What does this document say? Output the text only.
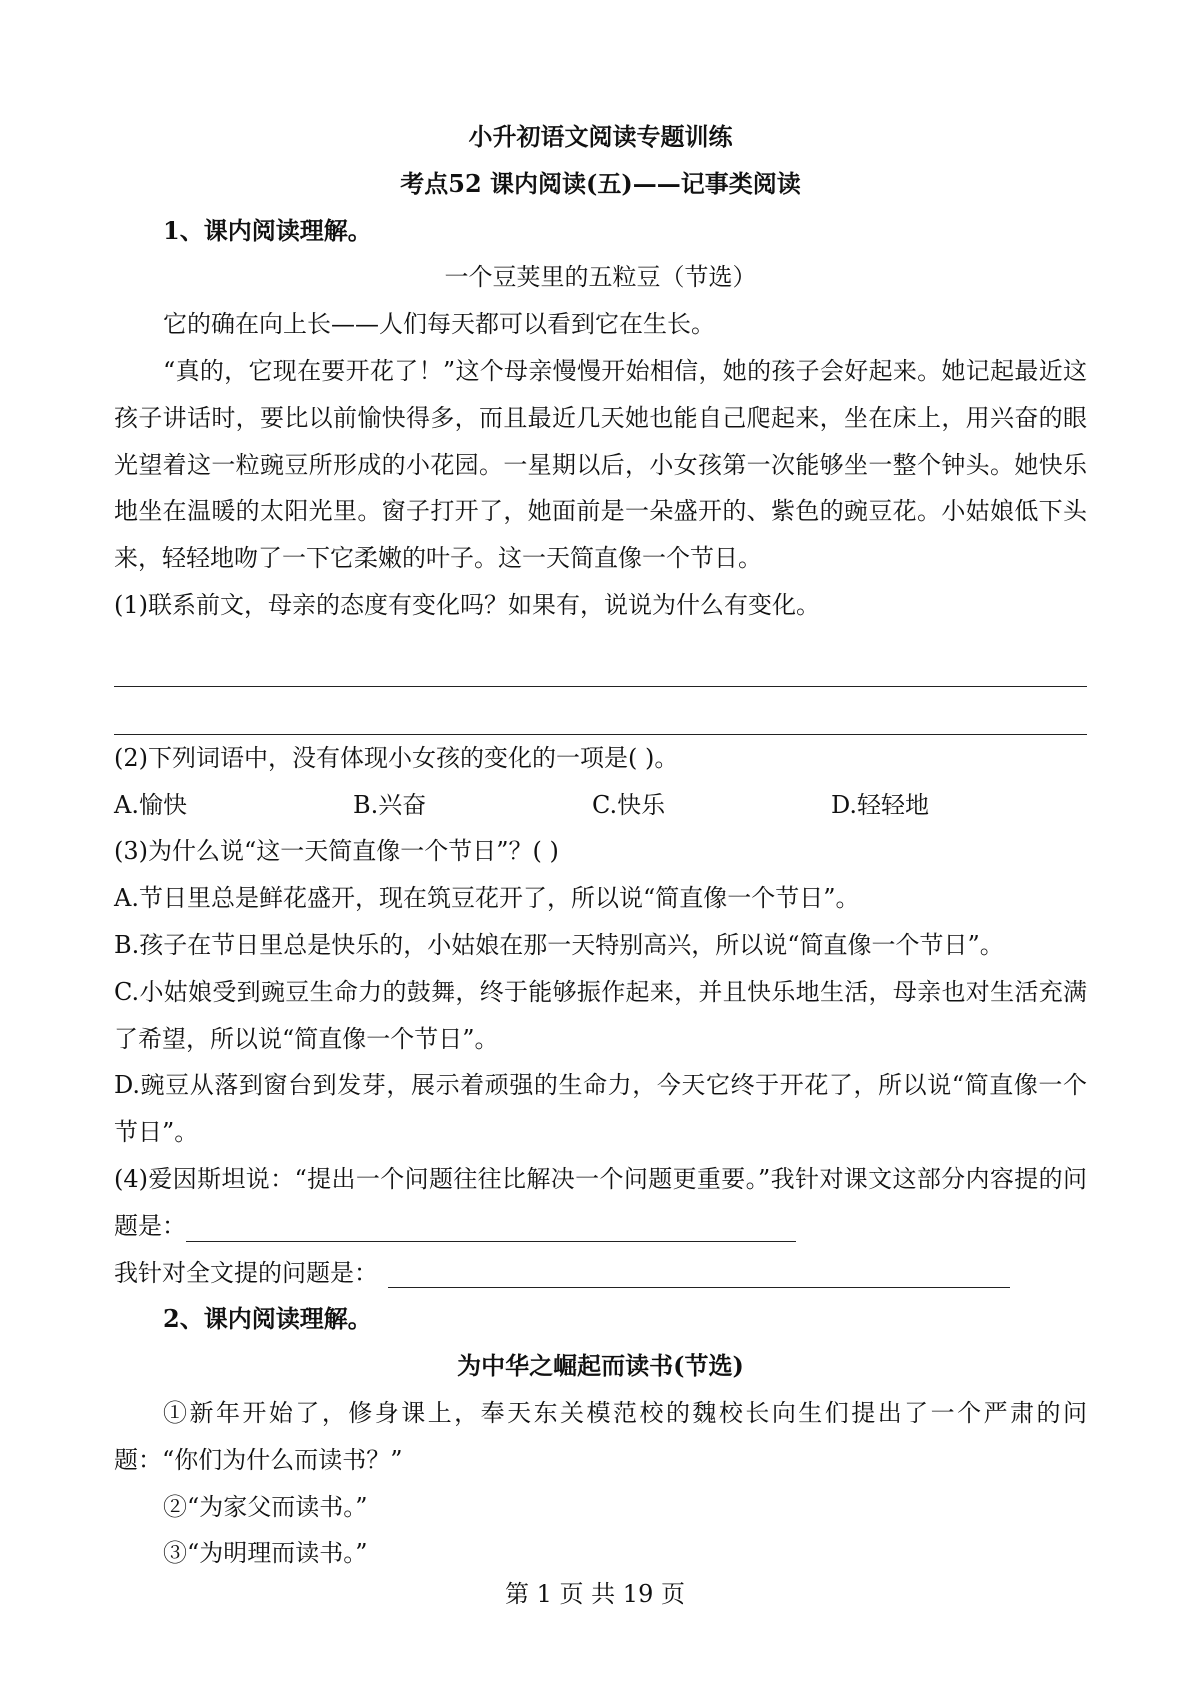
小升初语文阅读专题训练
考点52 课内阅读(五)——记事类阅读
1、课内阅读理解。
一个豆荚里的五粒豆（节选）
它的确在向上长——人们每天都可以看到它在生长。
“真的，它现在要开花了！”这个母亲慢慢开始相信，她的孩子会好起来。她记起最近这孩子讲话时，要比以前愉快得多，而且最近几天她也能自己爬起来，坐在床上，用兴奋的眼光望着这一粒豌豆所形成的小花园。一星期以后，小女孩第一次能够坐一整个钟头。她快乐地坐在温暖的太阳光里。窗子打开了，她面前是一朵盛开的、紫色的豌豆花。小姑娘低下头来，轻轻地吻了一下它柔嫩的叶子。这一天简直像一个节日。
(1)联系前文，母亲的态度有变化吗？如果有，说说为什么有变化。
(2)下列词语中，没有体现小女孩的变化的一项是( )。
A.愉快	B.兴奋	C.快乐	D.轻轻地
(3)为什么说“这一天简直像一个节日”？( )
A.节日里总是鲜花盛开，现在筑豆花开了，所以说“简直像一个节日”。
B.孩子在节日里总是快乐的，小姑娘在那一天特别高兴，所以说“简直像一个节日”。
C.小姑娘受到豌豆生命力的鼓舞，终于能够振作起来，并且快乐地生活，母亲也对生活充满了希望，所以说“简直像一个节日”。
D.豌豆从落到窗台到发芽，展示着顽强的生命力，今天它终于开花了，所以说“简直像一个节日”。
(4)爱因斯坦说：“提出一个问题往往比解决一个问题更重要。”我针对课文这部分内容提的问题是：
我针对全文提的问题是：
2、课内阅读理解。
为中华之崛起而读书(节选)
①新年开始了，修身课上，奉天东关模范校的魏校长向生们提出了一个严肃的问题：“你们为什么而读书？”
②“为家父而读书。”
③“为明理而读书。”
第 1 页 共 19 页
